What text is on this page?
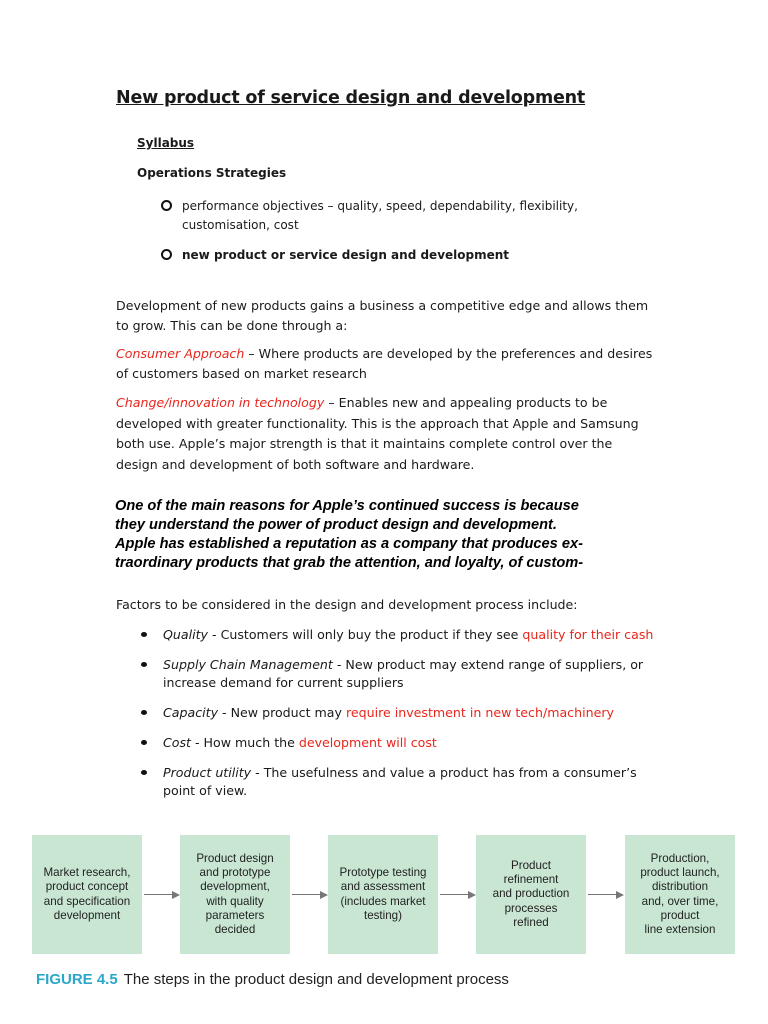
New product of service design and development
Syllabus
Operations Strategies
performance objectives – quality, speed, dependability, flexibility, customisation, cost
new product or service design and development
Development of new products gains a business a competitive edge and allows them to grow. This can be done through a:
Consumer Approach – Where products are developed by the preferences and desires of customers based on market research
Change/innovation in technology – Enables new and appealing products to be developed with greater functionality. This is the approach that Apple and Samsung both use. Apple’s major strength is that it maintains complete control over the design and development of both software and hardware.
One of the main reasons for Apple’s continued success is because
they understand the power of product design and development.
Apple has established a reputation as a company that produces ex-
traordinary products that grab the attention, and loyalty, of custom-
Factors to be considered in the design and development process include:
Quality - Customers will only buy the product if they see quality for their cash
Supply Chain Management - New product may extend range of suppliers, or increase demand for current suppliers
Capacity - New product may require investment in new tech/machinery
Cost - How much the development will cost
Product utility - The usefulness and value a product has from a consumer’s point of view.
Market research,
product concept
and specification
development
Product design
and prototype
development,
with quality
parameters
decided
Prototype testing
and assessment
(includes market
testing)
Product
refinement
and production
processes
refined
Production,
product launch,
distribution
and, over time,
product
line extension
FIGURE 4.5 The steps in the product design and development process
